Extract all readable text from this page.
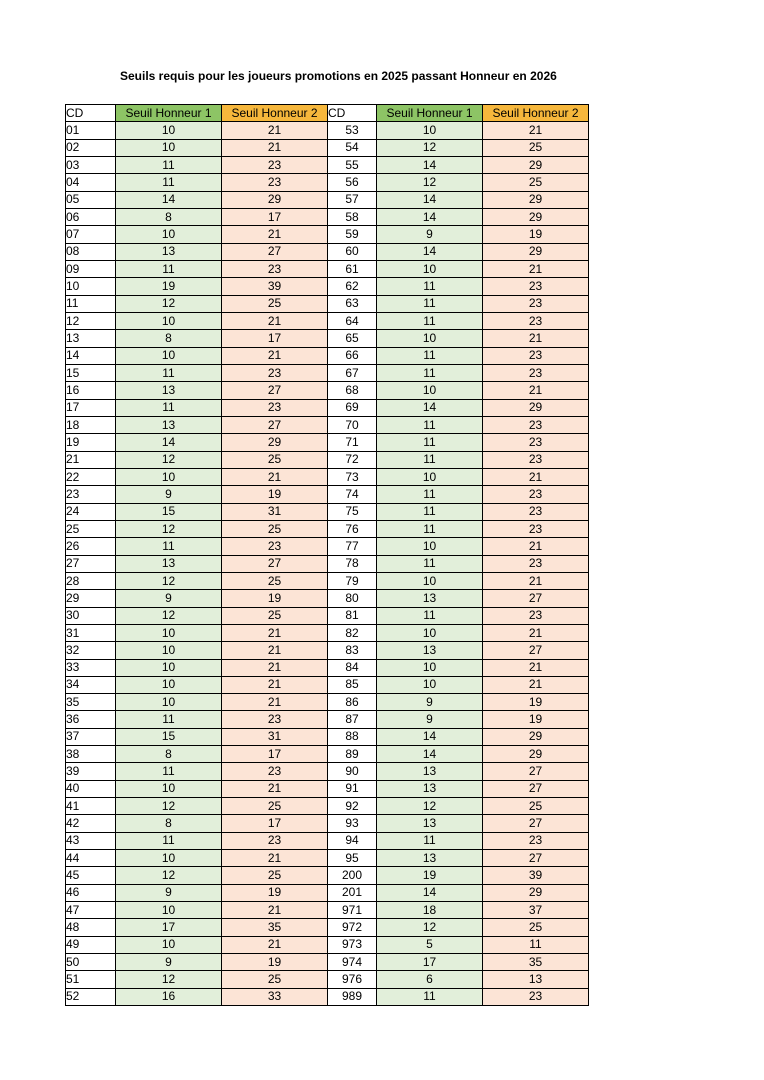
Seuils requis pour les joueurs promotions en 2025 passant Honneur en 2026
CD	Seuil Honneur 1	Seuil Honneur 2	CD	Seuil Honneur 1	Seuil Honneur 2
01	10	21	53	10	21
02	10	21	54	12	25
03	11	23	55	14	29
04	11	23	56	12	25
05	14	29	57	14	29
06	8	17	58	14	29
07	10	21	59	9	19
08	13	27	60	14	29
09	11	23	61	10	21
10	19	39	62	11	23
11	12	25	63	11	23
12	10	21	64	11	23
13	8	17	65	10	21
14	10	21	66	11	23
15	11	23	67	11	23
16	13	27	68	10	21
17	11	23	69	14	29
18	13	27	70	11	23
19	14	29	71	11	23
21	12	25	72	11	23
22	10	21	73	10	21
23	9	19	74	11	23
24	15	31	75	11	23
25	12	25	76	11	23
26	11	23	77	10	21
27	13	27	78	11	23
28	12	25	79	10	21
29	9	19	80	13	27
30	12	25	81	11	23
31	10	21	82	10	21
32	10	21	83	13	27
33	10	21	84	10	21
34	10	21	85	10	21
35	10	21	86	9	19
36	11	23	87	9	19
37	15	31	88	14	29
38	8	17	89	14	29
39	11	23	90	13	27
40	10	21	91	13	27
41	12	25	92	12	25
42	8	17	93	13	27
43	11	23	94	11	23
44	10	21	95	13	27
45	12	25	200	19	39
46	9	19	201	14	29
47	10	21	971	18	37
48	17	35	972	12	25
49	10	21	973	5	11
50	9	19	974	17	35
51	12	25	976	6	13
52	16	33	989	11	23
